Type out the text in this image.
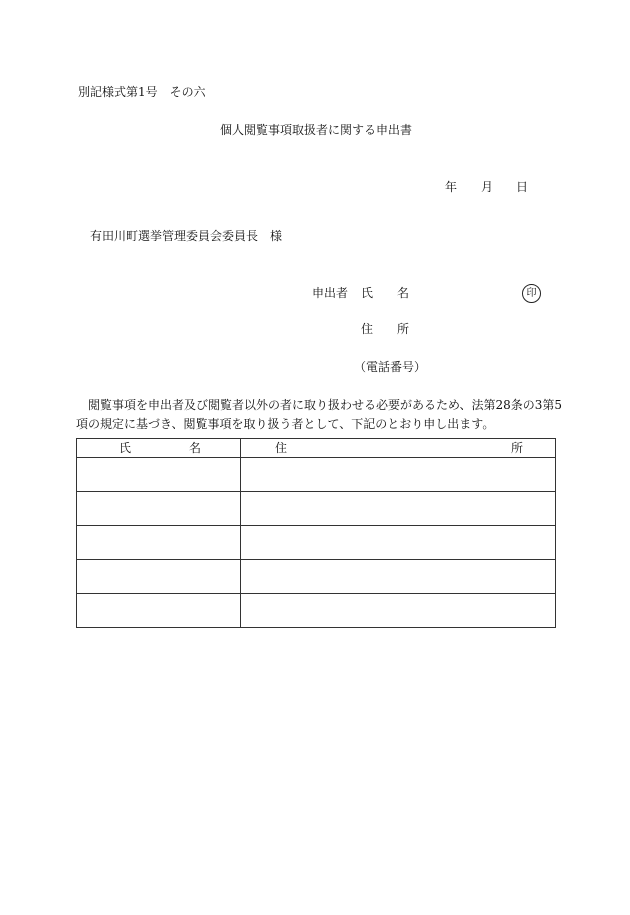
別記様式第1号　その六
個人閲覧事項取扱者に関する申出書
年 月 日
有田川町選挙管理委員会委員長　様
申出者 氏 名	印
住 所
（電話番号）
閲覧事項を申出者及び閲覧者以外の者に取り扱わせる必要があるため、法第28条の3第5
項の規定に基づき、閲覧事項を取り扱う者として、下記のとおり申し出ます。
氏 名	住 所
